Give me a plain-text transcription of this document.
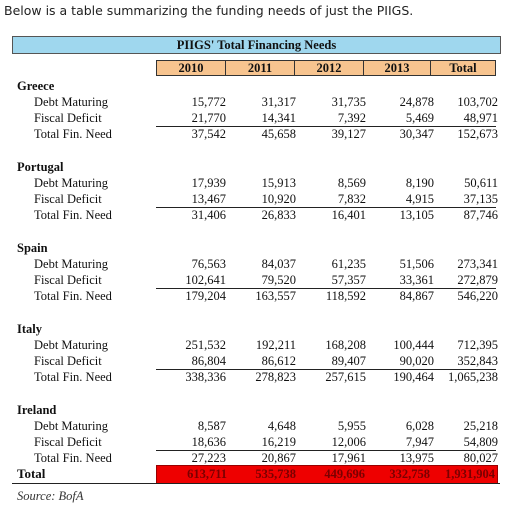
Below is a table summarizing the funding needs of just the PIIGS.
PIIGS' Total Financing Needs
2010	2011	2012	2013	Total
Greece
Debt Maturing	15,772	31,317	31,735	24,878	103,702
Fiscal Deficit	21,770	14,341	7,392	5,469	48,971
Total Fin. Need	37,542	45,658	39,127	30,347	152,673
Portugal
Debt Maturing	17,939	15,913	8,569	8,190	50,611
Fiscal Deficit	13,467	10,920	7,832	4,915	37,135
Total Fin. Need	31,406	26,833	16,401	13,105	87,746
Spain
Debt Maturing	76,563	84,037	61,235	51,506	273,341
Fiscal Deficit	102,641	79,520	57,357	33,361	272,879
Total Fin. Need	179,204	163,557	118,592	84,867	546,220
Italy
Debt Maturing	251,532	192,211	168,208	100,444	712,395
Fiscal Deficit	86,804	86,612	89,407	90,020	352,843
Total Fin. Need	338,336	278,823	257,615	190,464	1,065,238
Ireland
Debt Maturing	8,587	4,648	5,955	6,028	25,218
Fiscal Deficit	18,636	16,219	12,006	7,947	54,809
Total Fin. Need	27,223	20,867	17,961	13,975	80,027
Total	613,711	535,738	449,696	332,758	1,931,904
Source: BofA
